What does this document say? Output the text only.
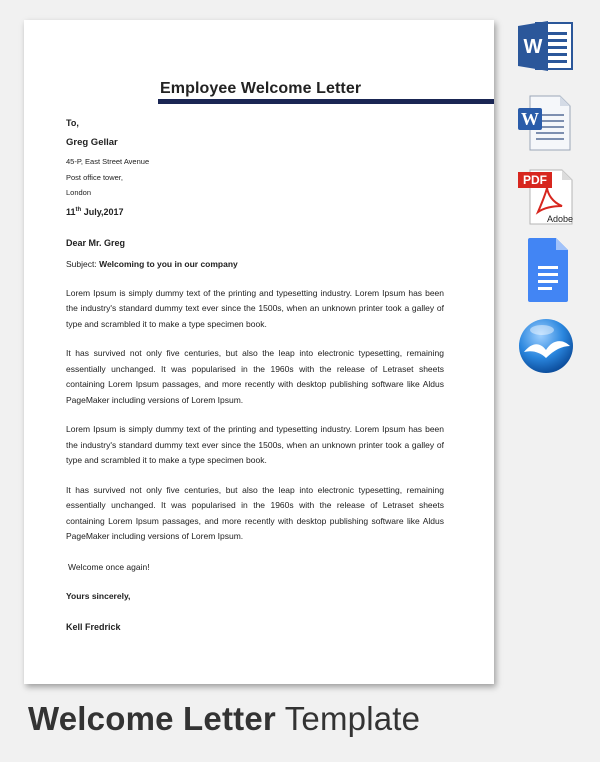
Employee Welcome Letter
To,
Greg Gellar
45-P, East Street Avenue
Post office tower,
London
11th July,2017
Dear Mr. Greg
Subject: Welcoming to you in our company
Lorem Ipsum is simply dummy text of the printing and typesetting industry. Lorem Ipsum has been the industry's standard dummy text ever since the 1500s, when an unknown printer took a galley of type and scrambled it to make a type specimen book.
It has survived not only five centuries, but also the leap into electronic typesetting, remaining essentially unchanged. It was popularised in the 1960s with the release of Letraset sheets containing Lorem Ipsum passages, and more recently with desktop publishing software like Aldus PageMaker including versions of Lorem Ipsum.
Lorem Ipsum is simply dummy text of the printing and typesetting industry. Lorem Ipsum has been the industry's standard dummy text ever since the 1500s, when an unknown printer took a galley of type and scrambled it to make a type specimen book.
It has survived not only five centuries, but also the leap into electronic typesetting, remaining essentially unchanged. It was popularised in the 1960s with the release of Letraset sheets containing Lorem Ipsum passages, and more recently with desktop publishing software like Aldus PageMaker including versions of Lorem Ipsum.
Welcome once again!
Yours sincerely,
Kell Fredrick
Welcome Letter Template
W
W
PDF
Adobe
